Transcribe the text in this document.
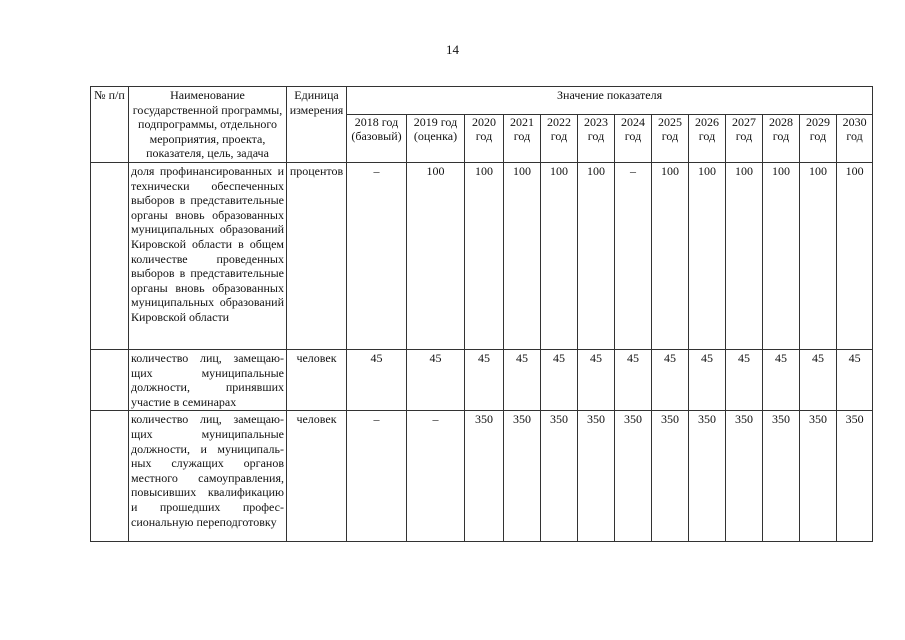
14
№ п/п	Наименование государственной программы, подпрограммы, отдельного мероприятия, проекта, показателя, цель, задача	Единица измерения	Значение показателя												
			2018 год (базовый)	2019 год (оценка)	2020 год	2021 год	2022 год	2023 год	2024 год	2025 год	2026 год	2027 год	2028 год	2029 год	2030 год
	доля профинансированных и технически обеспеченных выборов в представительные органы вновь образованных муниципальных образований Кировской области в общем количестве проведенных выборов в представительные органы вновь образованных муниципальных образований Кировской области	процентов	–	100	100	100	100	100	–	100	100	100	100	100	100
	количество лиц, замещающих муниципальные должности, принявших участие в семинарах	человек	45	45	45	45	45	45	45	45	45	45	45	45	45
	количество лиц, замещающих муниципальные должности, и муниципальных служащих органов местного самоуправления, повысивших квалификацию и прошедших профессиональную переподготовку	человек	–	–	350	350	350	350	350	350	350	350	350	350	350
